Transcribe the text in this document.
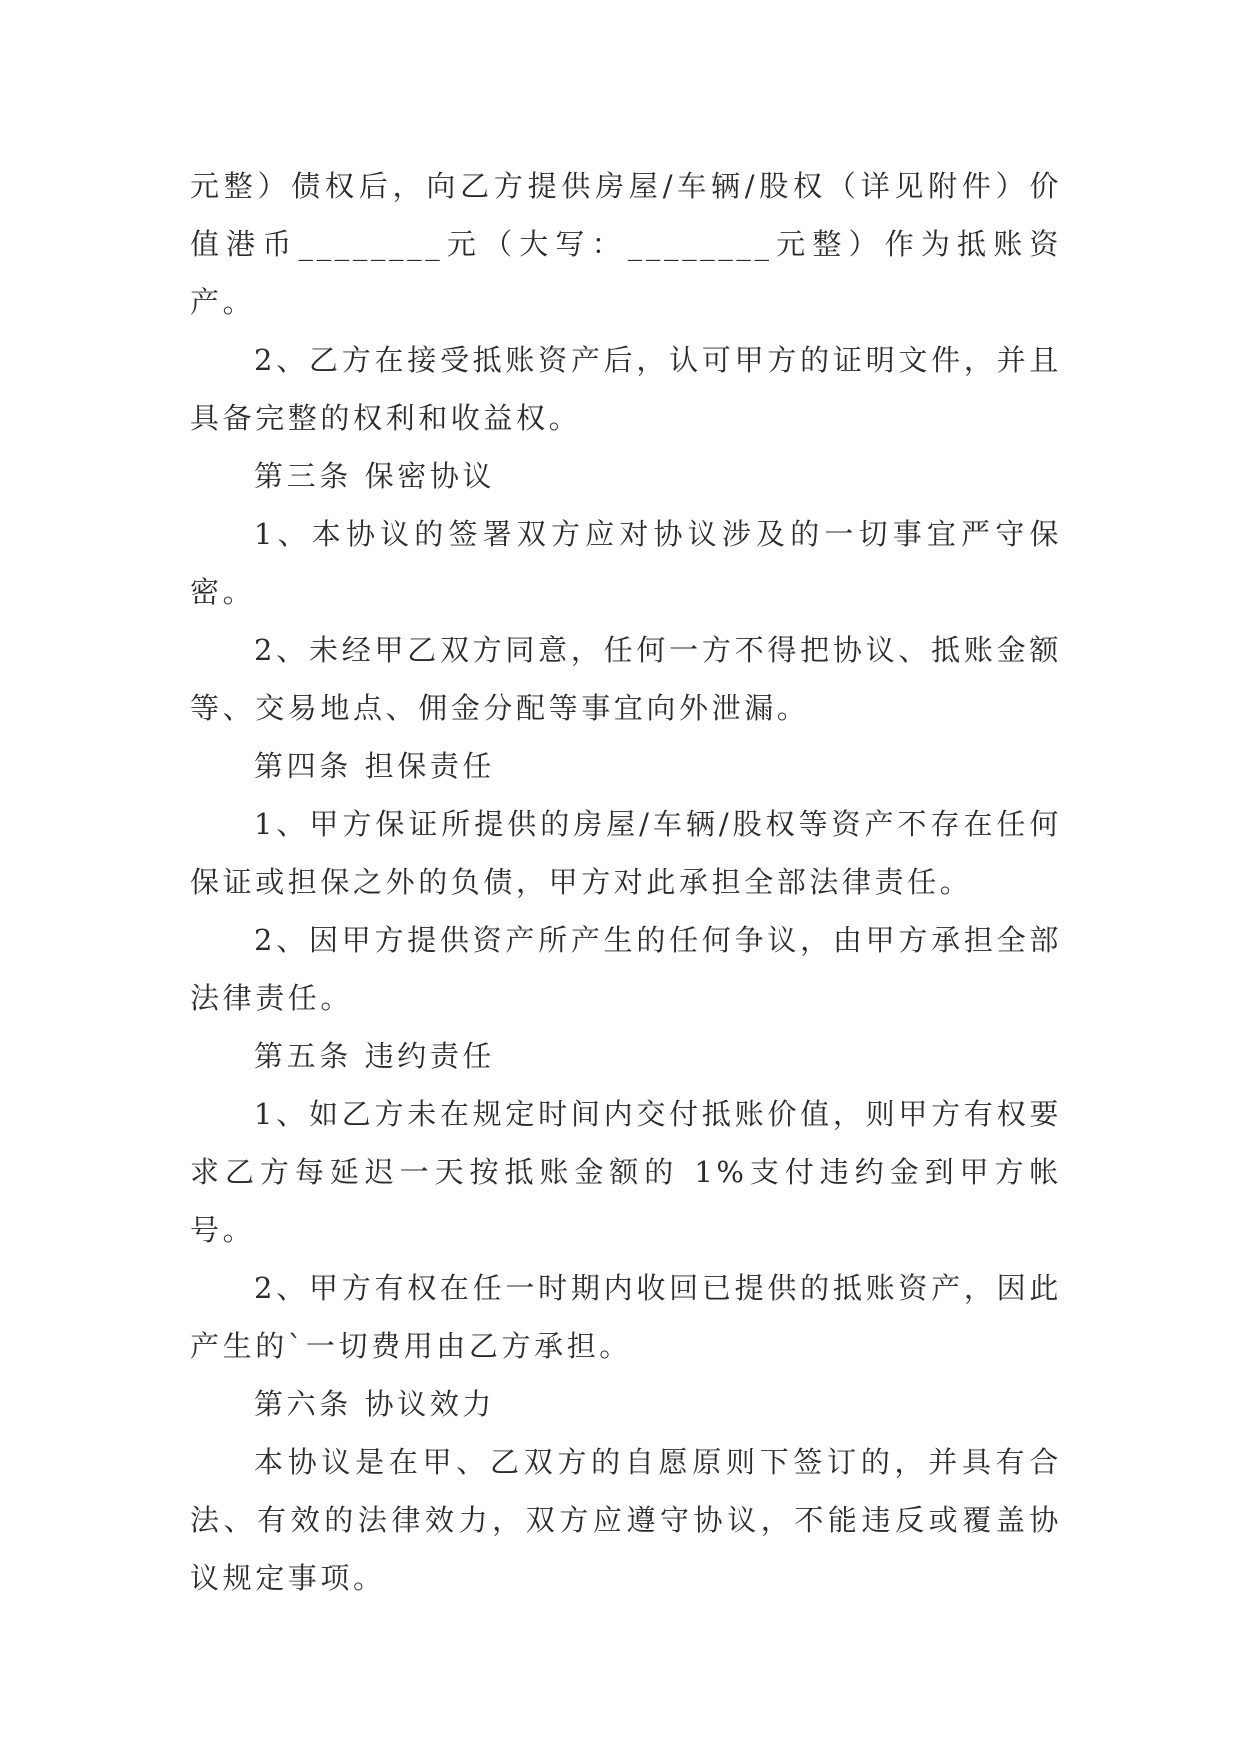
元整）债权后，向乙方提供房屋/车辆/股权（详见附件）价值港币________元（大写：________元整）作为抵账资产。

2、乙方在接受抵账资产后，认可甲方的证明文件，并且具备完整的权利和收益权。

第三条 保密协议

1、本协议的签署双方应对协议涉及的一切事宜严守保密。

2、未经甲乙双方同意，任何一方不得把协议、抵账金额等、交易地点、佣金分配等事宜向外泄漏。

第四条 担保责任

1、甲方保证所提供的房屋/车辆/股权等资产不存在任何保证或担保之外的负债，甲方对此承担全部法律责任。

2、因甲方提供资产所产生的任何争议，由甲方承担全部法律责任。

第五条 违约责任

1、如乙方未在规定时间内交付抵账价值，则甲方有权要求乙方每延迟一天按抵账金额的 1%支付违约金到甲方帐号。

2、甲方有权在任一时期内收回已提供的抵账资产，因此产生的`一切费用由乙方承担。

第六条 协议效力

本协议是在甲、乙双方的自愿原则下签订的，并具有合法、有效的法律效力，双方应遵守协议，不能违反或覆盖协议规定事项。
